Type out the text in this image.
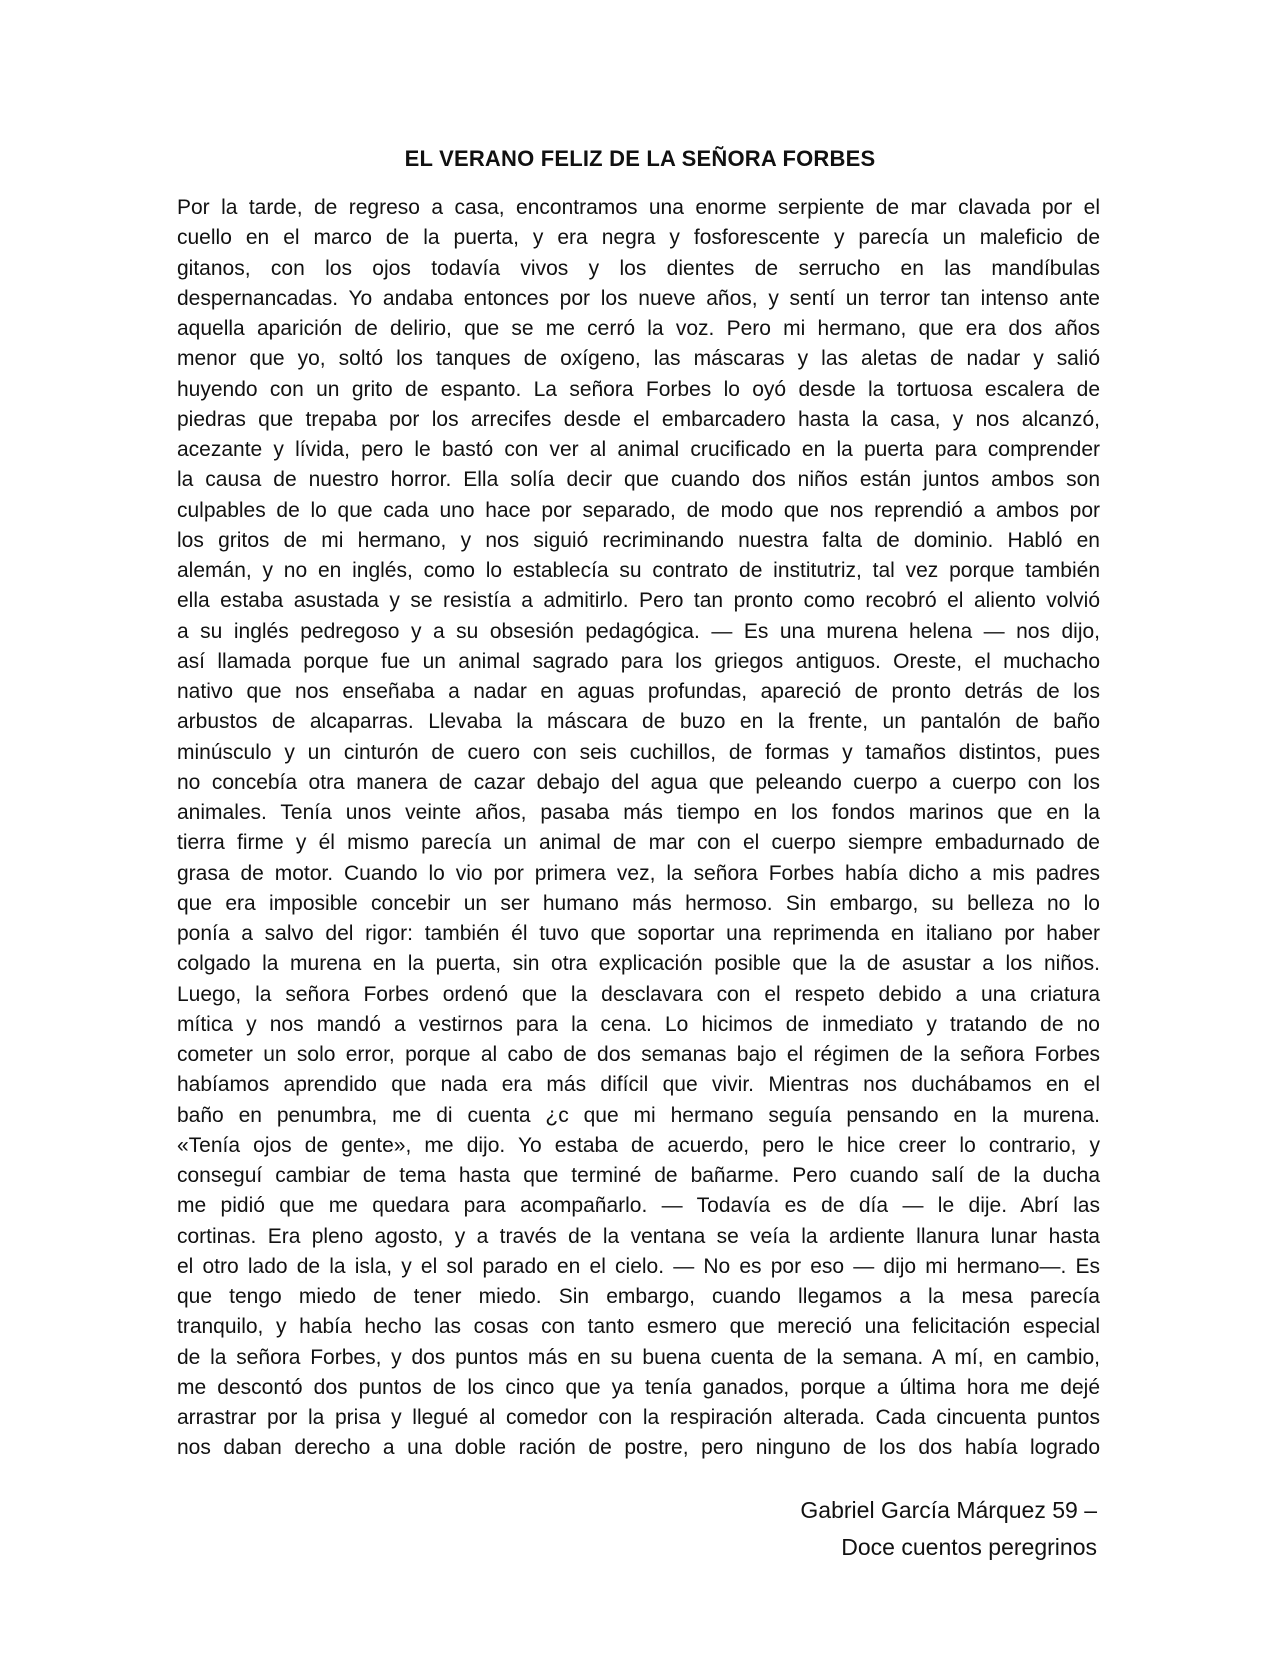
EL VERANO FELIZ DE LA SEÑORA FORBES
Por la tarde, de regreso a casa, encontramos una enorme serpiente de mar clavada por el
cuello en el marco de la puerta, y era negra y fosforescente y parecía un maleficio de
gitanos, con los ojos todavía vivos y los dientes de serrucho en las mandíbulas
despernancadas. Yo andaba entonces por los nueve años, y sentí un terror tan intenso ante
aquella aparición de delirio, que se me cerró la voz. Pero mi hermano, que era dos años
menor que yo, soltó los tanques de oxígeno, las máscaras y las aletas de nadar y salió
huyendo con un grito de espanto. La señora Forbes lo oyó desde la tortuosa escalera de
piedras que trepaba por los arrecifes desde el embarcadero hasta la casa, y nos alcanzó,
acezante y lívida, pero le bastó con ver al animal crucificado en la puerta para comprender
la causa de nuestro horror. Ella solía decir que cuando dos niños están juntos ambos son
culpables de lo que cada uno hace por separado, de modo que nos reprendió a ambos por
los gritos de mi hermano, y nos siguió recriminando nuestra falta de dominio. Habló en
alemán, y no en inglés, como lo establecía su contrato de institutriz, tal vez porque también
ella estaba asustada y se resistía a admitirlo. Pero tan pronto como recobró el aliento volvió
a su inglés pedregoso y a su obsesión pedagógica. — Es una murena helena — nos dijo,
así llamada porque fue un animal sagrado para los griegos antiguos. Oreste, el muchacho
nativo que nos enseñaba a nadar en aguas profundas, apareció de pronto detrás de los
arbustos de alcaparras. Llevaba la máscara de buzo en la frente, un pantalón de baño
minúsculo y un cinturón de cuero con seis cuchillos, de formas y tamaños distintos, pues
no concebía otra manera de cazar debajo del agua que peleando cuerpo a cuerpo con los
animales. Tenía unos veinte años, pasaba más tiempo en los fondos marinos que en la
tierra firme y él mismo parecía un animal de mar con el cuerpo siempre embadurnado de
grasa de motor. Cuando lo vio por primera vez, la señora Forbes había dicho a mis padres
que era imposible concebir un ser humano más hermoso. Sin embargo, su belleza no lo
ponía a salvo del rigor: también él tuvo que soportar una reprimenda en italiano por haber
colgado la murena en la puerta, sin otra explicación posible que la de asustar a los niños.
Luego, la señora Forbes ordenó que la desclavara con el respeto debido a una criatura
mítica y nos mandó a vestirnos para la cena. Lo hicimos de inmediato y tratando de no
cometer un solo error, porque al cabo de dos semanas bajo el régimen de la señora Forbes
habíamos aprendido que nada era más difícil que vivir. Mientras nos duchábamos en el
baño en penumbra, me di cuenta ¿c que mi hermano seguía pensando en la murena.
«Tenía ojos de gente», me dijo. Yo estaba de acuerdo, pero le hice creer lo contrario, y
conseguí cambiar de tema hasta que terminé de bañarme. Pero cuando salí de la ducha
me pidió que me quedara para acompañarlo. — Todavía es de día — le dije. Abrí las
cortinas. Era pleno agosto, y a través de la ventana se veía la ardiente llanura lunar hasta
el otro lado de la isla, y el sol parado en el cielo. — No es por eso — dijo mi hermano—. Es
que tengo miedo de tener miedo. Sin embargo, cuando llegamos a la mesa parecía
tranquilo, y había hecho las cosas con tanto esmero que mereció una felicitación especial
de la señora Forbes, y dos puntos más en su buena cuenta de la semana. A mí, en cambio,
me descontó dos puntos de los cinco que ya tenía ganados, porque a última hora me dejé
arrastrar por la prisa y llegué al comedor con la respiración alterada. Cada cincuenta puntos
nos daban derecho a una doble ración de postre, pero ninguno de los dos había logrado

Gabriel García Márquez 59 –

Doce cuentos peregrinos
